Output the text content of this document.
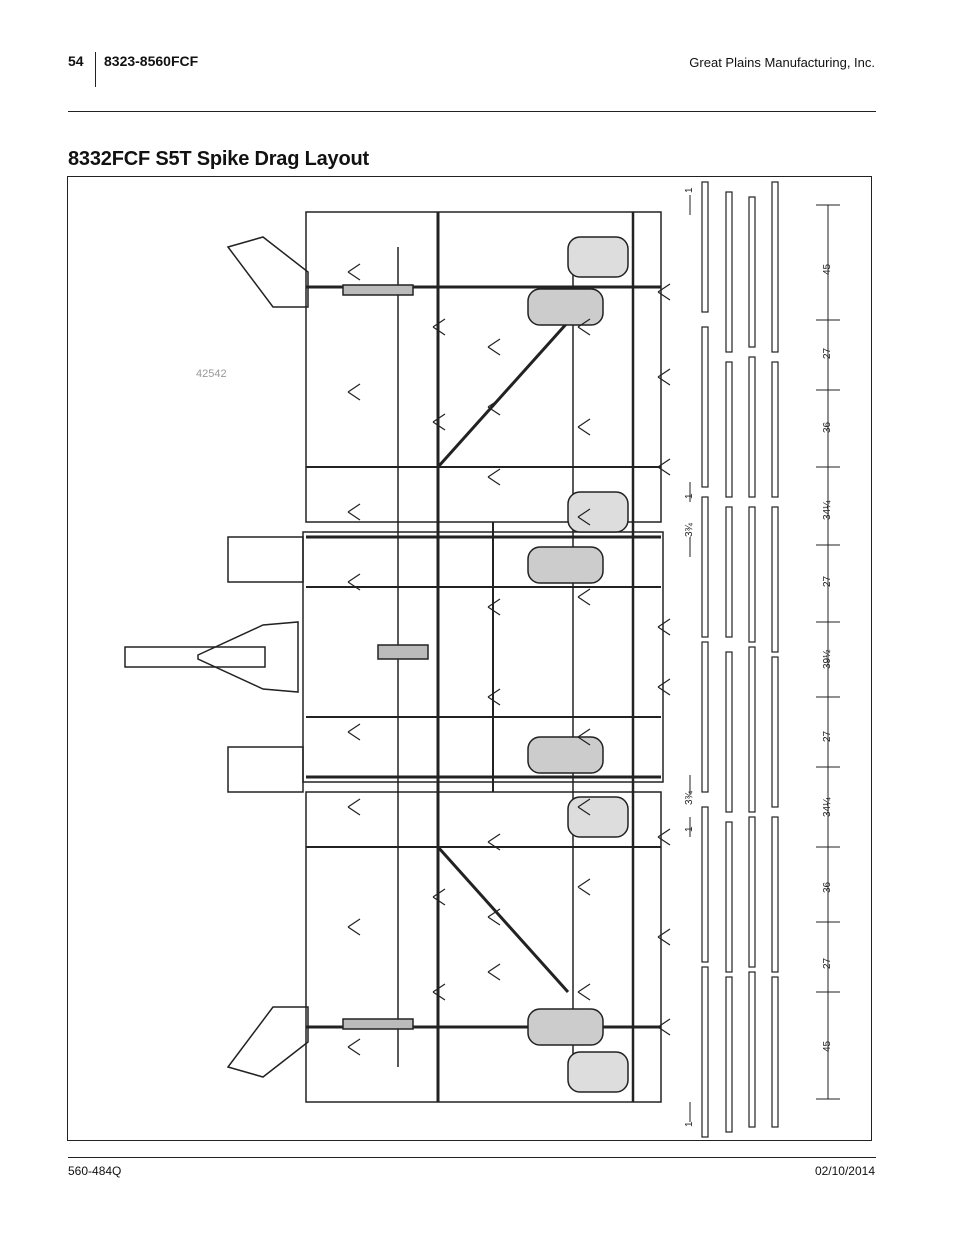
54 8323-8560FCF	Great Plains Manufacturing, Inc.
8332FCF S5T Spike Drag Layout
1
45
27
36
1
34¼
3¾
27
39½
27
3¾	34¼
1
36
27
45
1
42542
560-484Q	02/10/2014
